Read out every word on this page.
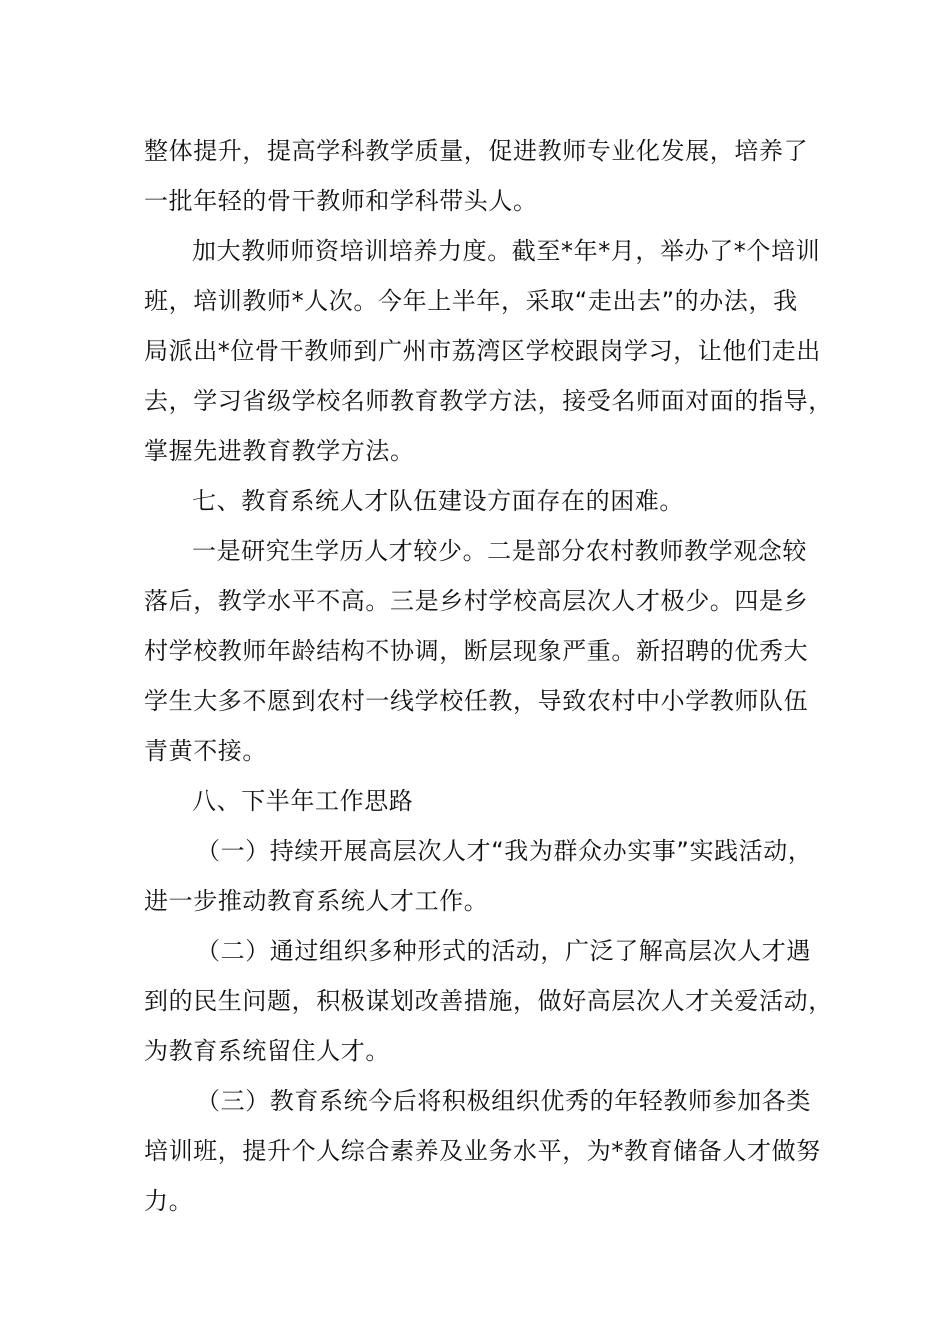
整体提升，提高学科教学质量，促进教师专业化发展，培养了
一批年轻的骨干教师和学科带头人。
加大教师师资培训培养力度。截至*年*月，举办了*个培训
班，培训教师*人次。今年上半年，采取“走出去”的办法，我
局派出*位骨干教师到广州市荔湾区学校跟岗学习，让他们走出
去，学习省级学校名师教育教学方法，接受名师面对面的指导，
掌握先进教育教学方法。
七、教育系统人才队伍建设方面存在的困难。
一是研究生学历人才较少。二是部分农村教师教学观念较
落后，教学水平不高。三是乡村学校高层次人才极少。四是乡
村学校教师年龄结构不协调，断层现象严重。新招聘的优秀大
学生大多不愿到农村一线学校任教，导致农村中小学教师队伍
青黄不接。
八、下半年工作思路
（一）持续开展高层次人才“我为群众办实事”实践活动，
进一步推动教育系统人才工作。
（二）通过组织多种形式的活动，广泛了解高层次人才遇
到的民生问题，积极谋划改善措施，做好高层次人才关爱活动，
为教育系统留住人才。
（三）教育系统今后将积极组织优秀的年轻教师参加各类
培训班，提升个人综合素养及业务水平，为*教育储备人才做努
力。
